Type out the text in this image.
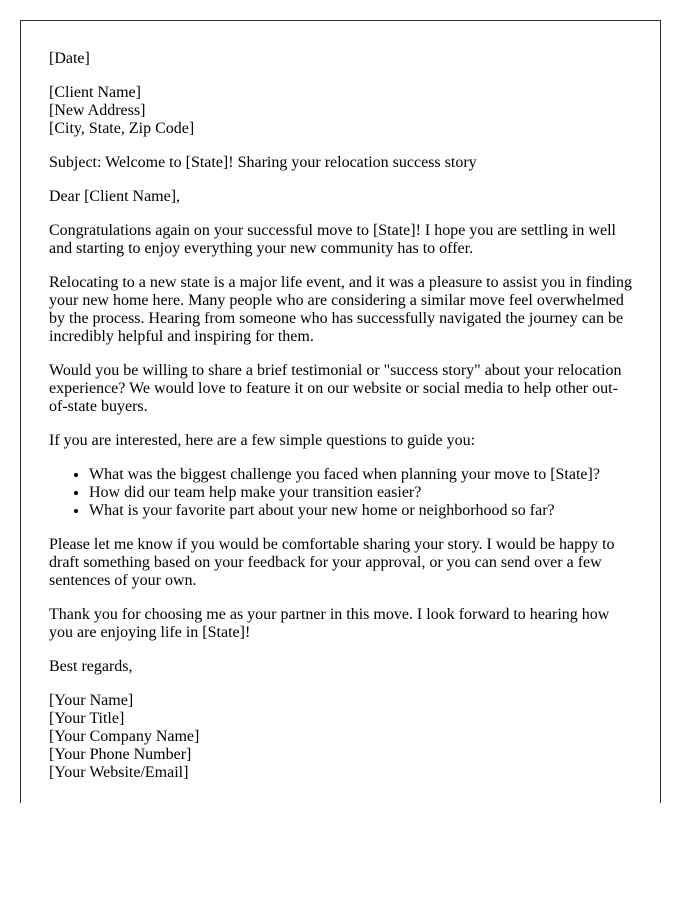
[Date]

[Client Name]
[New Address]
[City, State, Zip Code]

Subject: Welcome to [State]! Sharing your relocation success story

Dear [Client Name],

Congratulations again on your successful move to [State]! I hope you are settling in well and starting to enjoy everything your new community has to offer.

Relocating to a new state is a major life event, and it was a pleasure to assist you in finding your new home here. Many people who are considering a similar move feel overwhelmed by the process. Hearing from someone who has successfully navigated the journey can be incredibly helpful and inspiring for them.

Would you be willing to share a brief testimonial or "success story" about your relocation experience? We would love to feature it on our website or social media to help other out-of-state buyers.

If you are interested, here are a few simple questions to guide you:

• What was the biggest challenge you faced when planning your move to [State]?
• How did our team help make your transition easier?
• What is your favorite part about your new home or neighborhood so far?

Please let me know if you would be comfortable sharing your story. I would be happy to draft something based on your feedback for your approval, or you can send over a few sentences of your own.

Thank you for choosing me as your partner in this move. I look forward to hearing how you are enjoying life in [State]!

Best regards,

[Your Name]
[Your Title]
[Your Company Name]
[Your Phone Number]
[Your Website/Email]
